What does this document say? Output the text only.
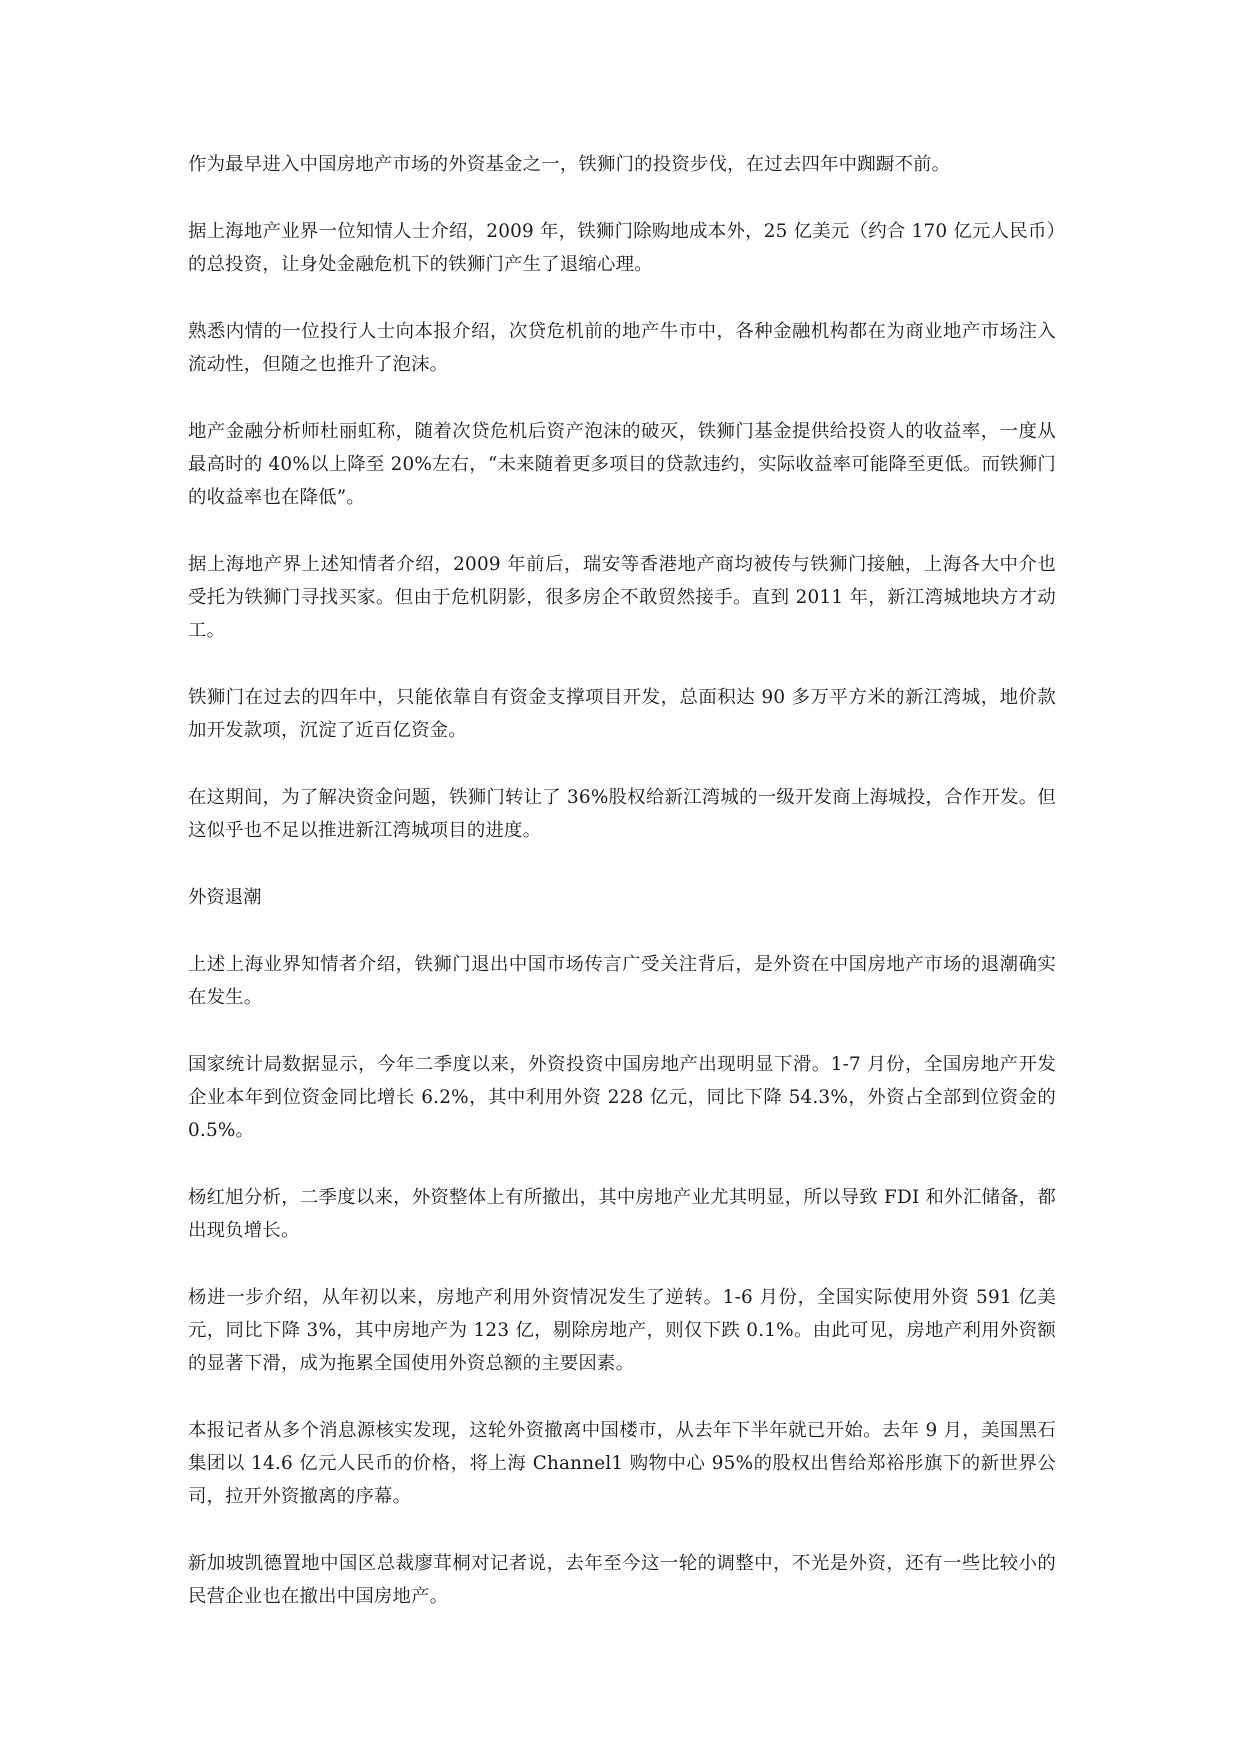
作为最早进入中国房地产市场的外资基金之一，铁狮门的投资步伐，在过去四年中踟蹰不前。

据上海地产业界一位知情人士介绍，2009 年，铁狮门除购地成本外，25 亿美元（约合 170 亿元人民币）的总投资，让身处金融危机下的铁狮门产生了退缩心理。

熟悉内情的一位投行人士向本报介绍，次贷危机前的地产牛市中，各种金融机构都在为商业地产市场注入流动性，但随之也推升了泡沫。

地产金融分析师杜丽虹称，随着次贷危机后资产泡沫的破灭，铁狮门基金提供给投资人的收益率，一度从最高时的 40%以上降至 20%左右，“未来随着更多项目的贷款违约，实际收益率可能降至更低。而铁狮门的收益率也在降低”。

据上海地产界上述知情者介绍，2009 年前后，瑞安等香港地产商均被传与铁狮门接触，上海各大中介也受托为铁狮门寻找买家。但由于危机阴影，很多房企不敢贸然接手。直到 2011 年，新江湾城地块方才动工。

铁狮门在过去的四年中，只能依靠自有资金支撑项目开发，总面积达 90 多万平方米的新江湾城，地价款加开发款项，沉淀了近百亿资金。

在这期间，为了解决资金问题，铁狮门转让了 36%股权给新江湾城的一级开发商上海城投，合作开发。但这似乎也不足以推进新江湾城项目的进度。

外资退潮

上述上海业界知情者介绍，铁狮门退出中国市场传言广受关注背后，是外资在中国房地产市场的退潮确实在发生。

国家统计局数据显示，今年二季度以来，外资投资中国房地产出现明显下滑。1-7 月份，全国房地产开发企业本年到位资金同比增长 6.2%，其中利用外资 228 亿元，同比下降 54.3%，外资占全部到位资金的 0.5%。

杨红旭分析，二季度以来，外资整体上有所撤出，其中房地产业尤其明显，所以导致 FDI 和外汇储备，都出现负增长。

杨进一步介绍，从年初以来，房地产利用外资情况发生了逆转。1-6 月份，全国实际使用外资 591 亿美元，同比下降 3%，其中房地产为 123 亿，剔除房地产，则仅下跌 0.1%。由此可见，房地产利用外资额的显著下滑，成为拖累全国使用外资总额的主要因素。

本报记者从多个消息源核实发现，这轮外资撤离中国楼市，从去年下半年就已开始。去年 9 月，美国黑石集团以 14.6 亿元人民币的价格，将上海 Channel1 购物中心 95%的股权出售给郑裕彤旗下的新世界公司，拉开外资撤离的序幕。

新加坡凯德置地中国区总裁廖茸桐对记者说，去年至今这一轮的调整中，不光是外资，还有一些比较小的民营企业也在撤出中国房地产。
